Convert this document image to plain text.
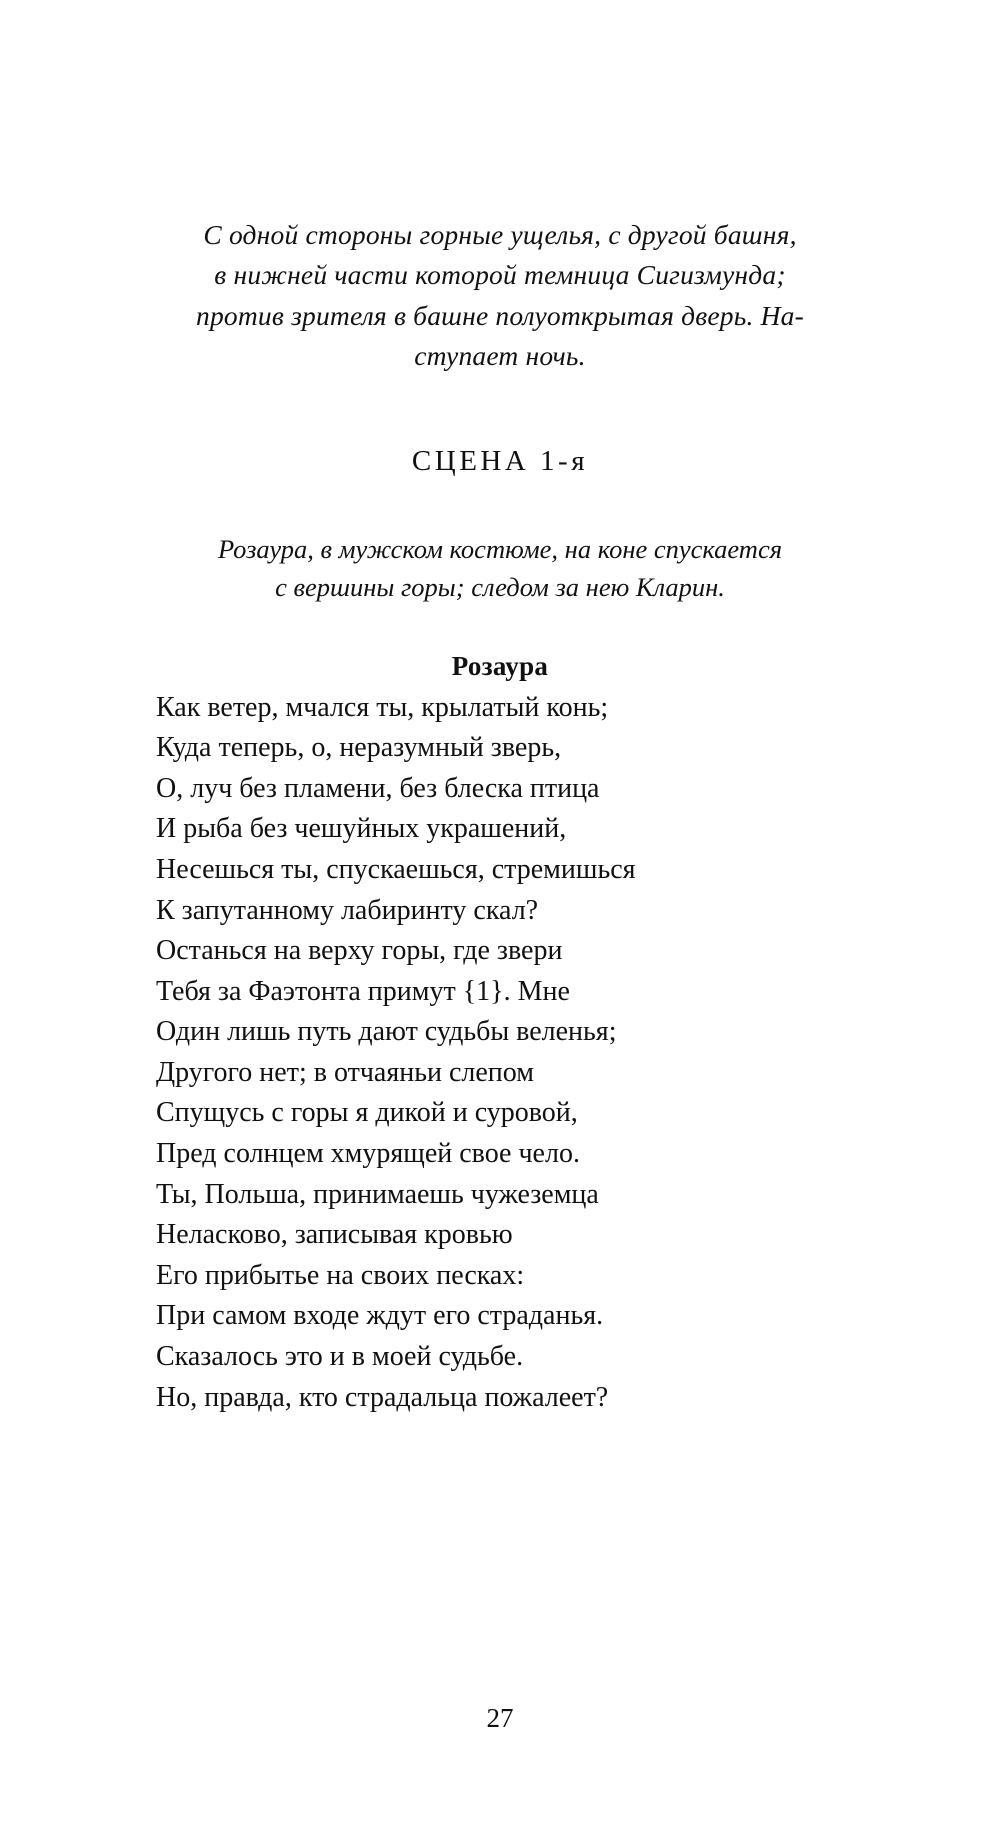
С одной стороны горные ущелья, с другой башня,
в нижней части которой темница Сигизмунда;
против зрителя в башне полуоткрытая дверь. На-
ступает ночь.
СЦЕНА 1-я
Розаура, в мужском костюме, на коне спускается
с вершины горы; следом за нею Кларин.
Розаура
Как ветер, мчался ты, крылатый конь;
Куда теперь, о, неразумный зверь,
О, луч без пламени, без блеска птица
И рыба без чешуйных украшений,
Несешься ты, спускаешься, стремишься
К запутанному лабиринту скал?
Останься на верху горы, где звери
Тебя за Фаэтонта примут {1}. Мне
Один лишь путь дают судьбы веленья;
Другого нет; в отчаяньи слепом
Спущусь с горы я дикой и суровой,
Пред солнцем хмурящей свое чело.
Ты, Польша, принимаешь чужеземца
Неласково, записывая кровью
Его прибытье на своих песках:
При самом входе ждут его страданья.
Сказалось это и в моей судьбе.
Но, правда, кто страдальца пожалеет?
27
